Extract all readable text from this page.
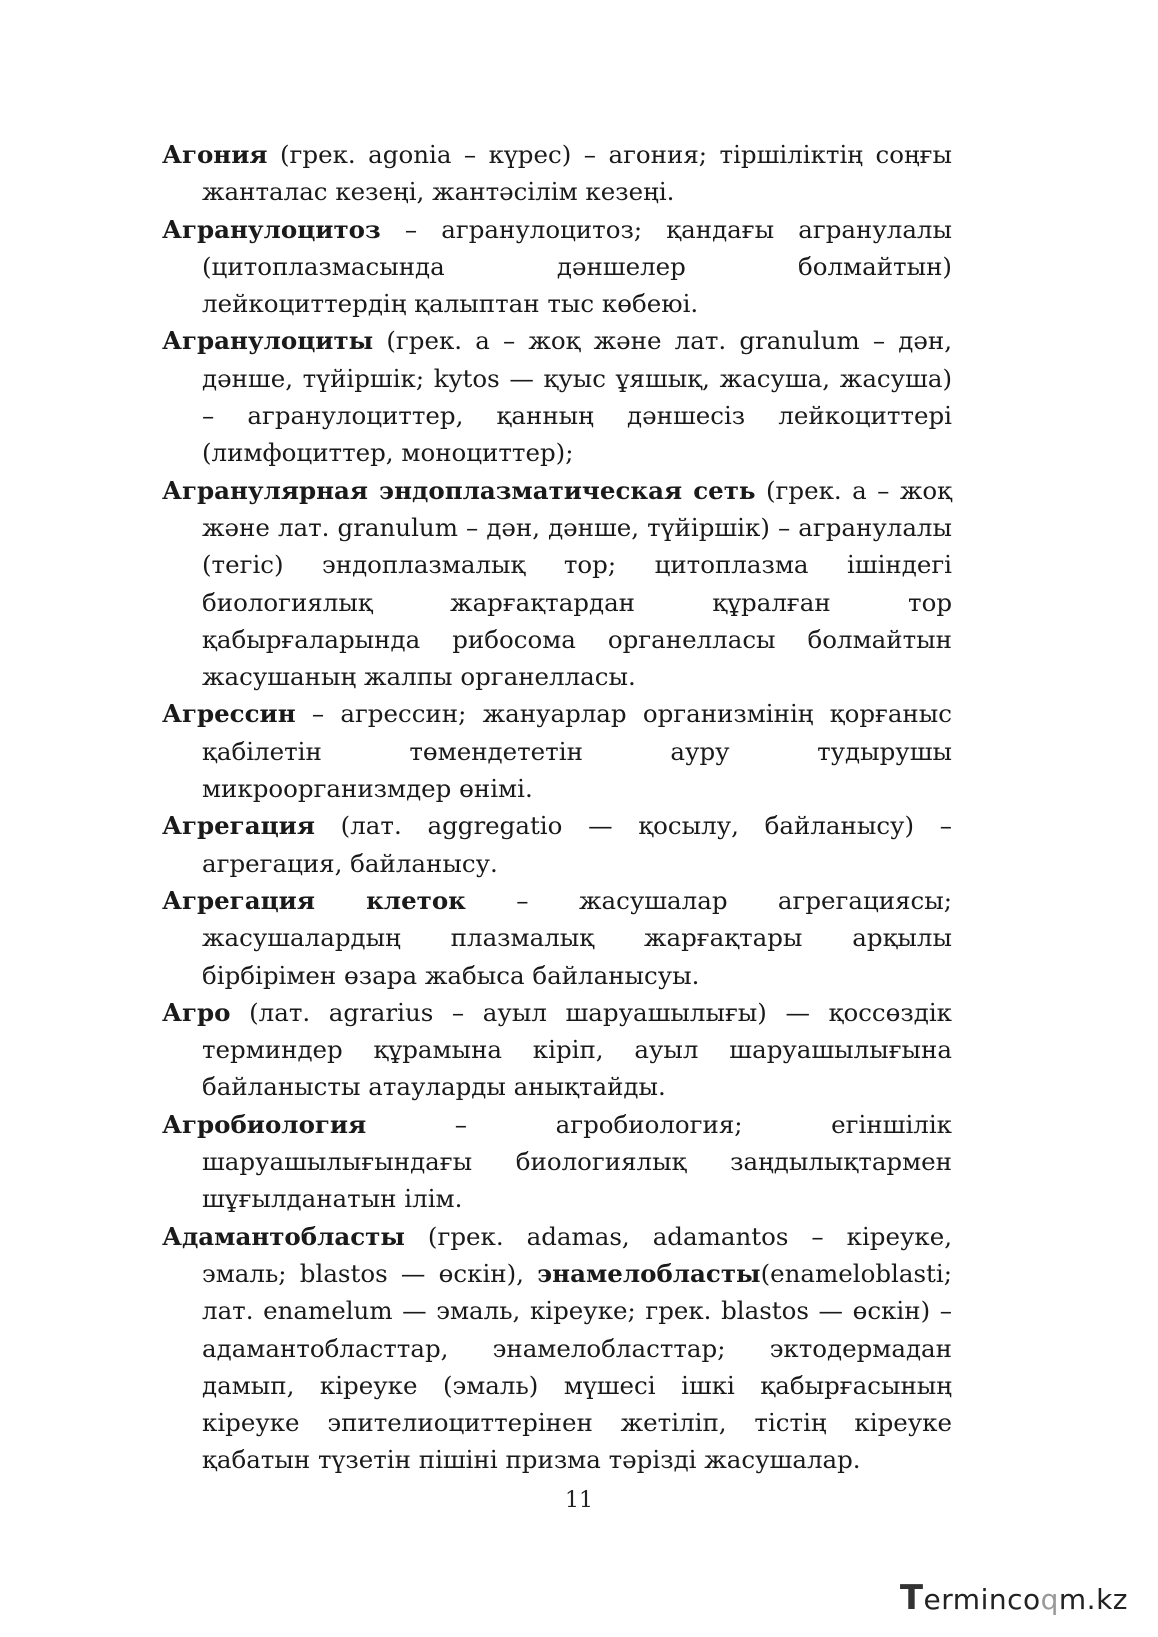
Агония (грек. agonia – күрес) – агония; тіршіліктің соңғы жанталас кезеңі, жантәсілім кезеңі.

Агранулоцитоз – агранулоцитоз; қандағы агранулалы (цитоплазмасында дәншелер болмайтын) лейкоциттердің қалыптан тыс көбеюі.

Агранулоциты (грек. а – жоқ және лат. granulum – дән, дәнше, түйіршік; kytos — қуыс ұяшық, жасуша, жасуша) – агранулоциттер, қанның дәншесіз лейкоциттері (лимфоциттер, моноциттер);

Агранулярная эндоплазматическая сеть (грек. а – жоқ және лат. granulum – дән, дәнше, түйіршік) – агранулалы (тегіс) эндоплазмалық тор; цитоплазма ішіндегі биологиялық жарғақтардан құралған тор қабырғаларында рибосома органелласы болмайтын жасушаның жалпы органелласы.

Агрессин – агрессин; жануарлар организмінің қорғаныс қабілетін төмендететін ауру тудырушы микроорганизмдер өнімі.

Агрегация (лат. aggregatio — қосылу, байланысу) – агрегация, байланысу.

Агрегация клеток – жасушалар агрегациясы; жасушалардың плазмалық жарғақтары арқылы бірбірімен өзара жабыса байланысуы.

Агро (лат. agrarius – ауыл шаруашылығы) — қоссөздік терминдер құрамына кіріп, ауыл шаруашылығына байланысты атауларды анықтайды.

Агробиология – агробиология; егіншілік шаруашылығындағы биологиялық заңдылықтармен шұғылданатын ілім.

Адамантобласты (грек. adamas, adamantos – кіреуке, эмаль; blastos — өскін), энамелобласты(enameloblasti; лат. enamelum — эмаль, кіреуке; грек. blastos — өскін) – адамантобласттар, энамелобласттар; эктодермадан дамып, кіреуке (эмаль) мүшесі ішкі қабырғасының кіреуке эпителиоциттерінен жетіліп, тістің кіреуке қабатын түзетін пішіні призма тәрізді жасушалар.

11
Termincоqm.kz
